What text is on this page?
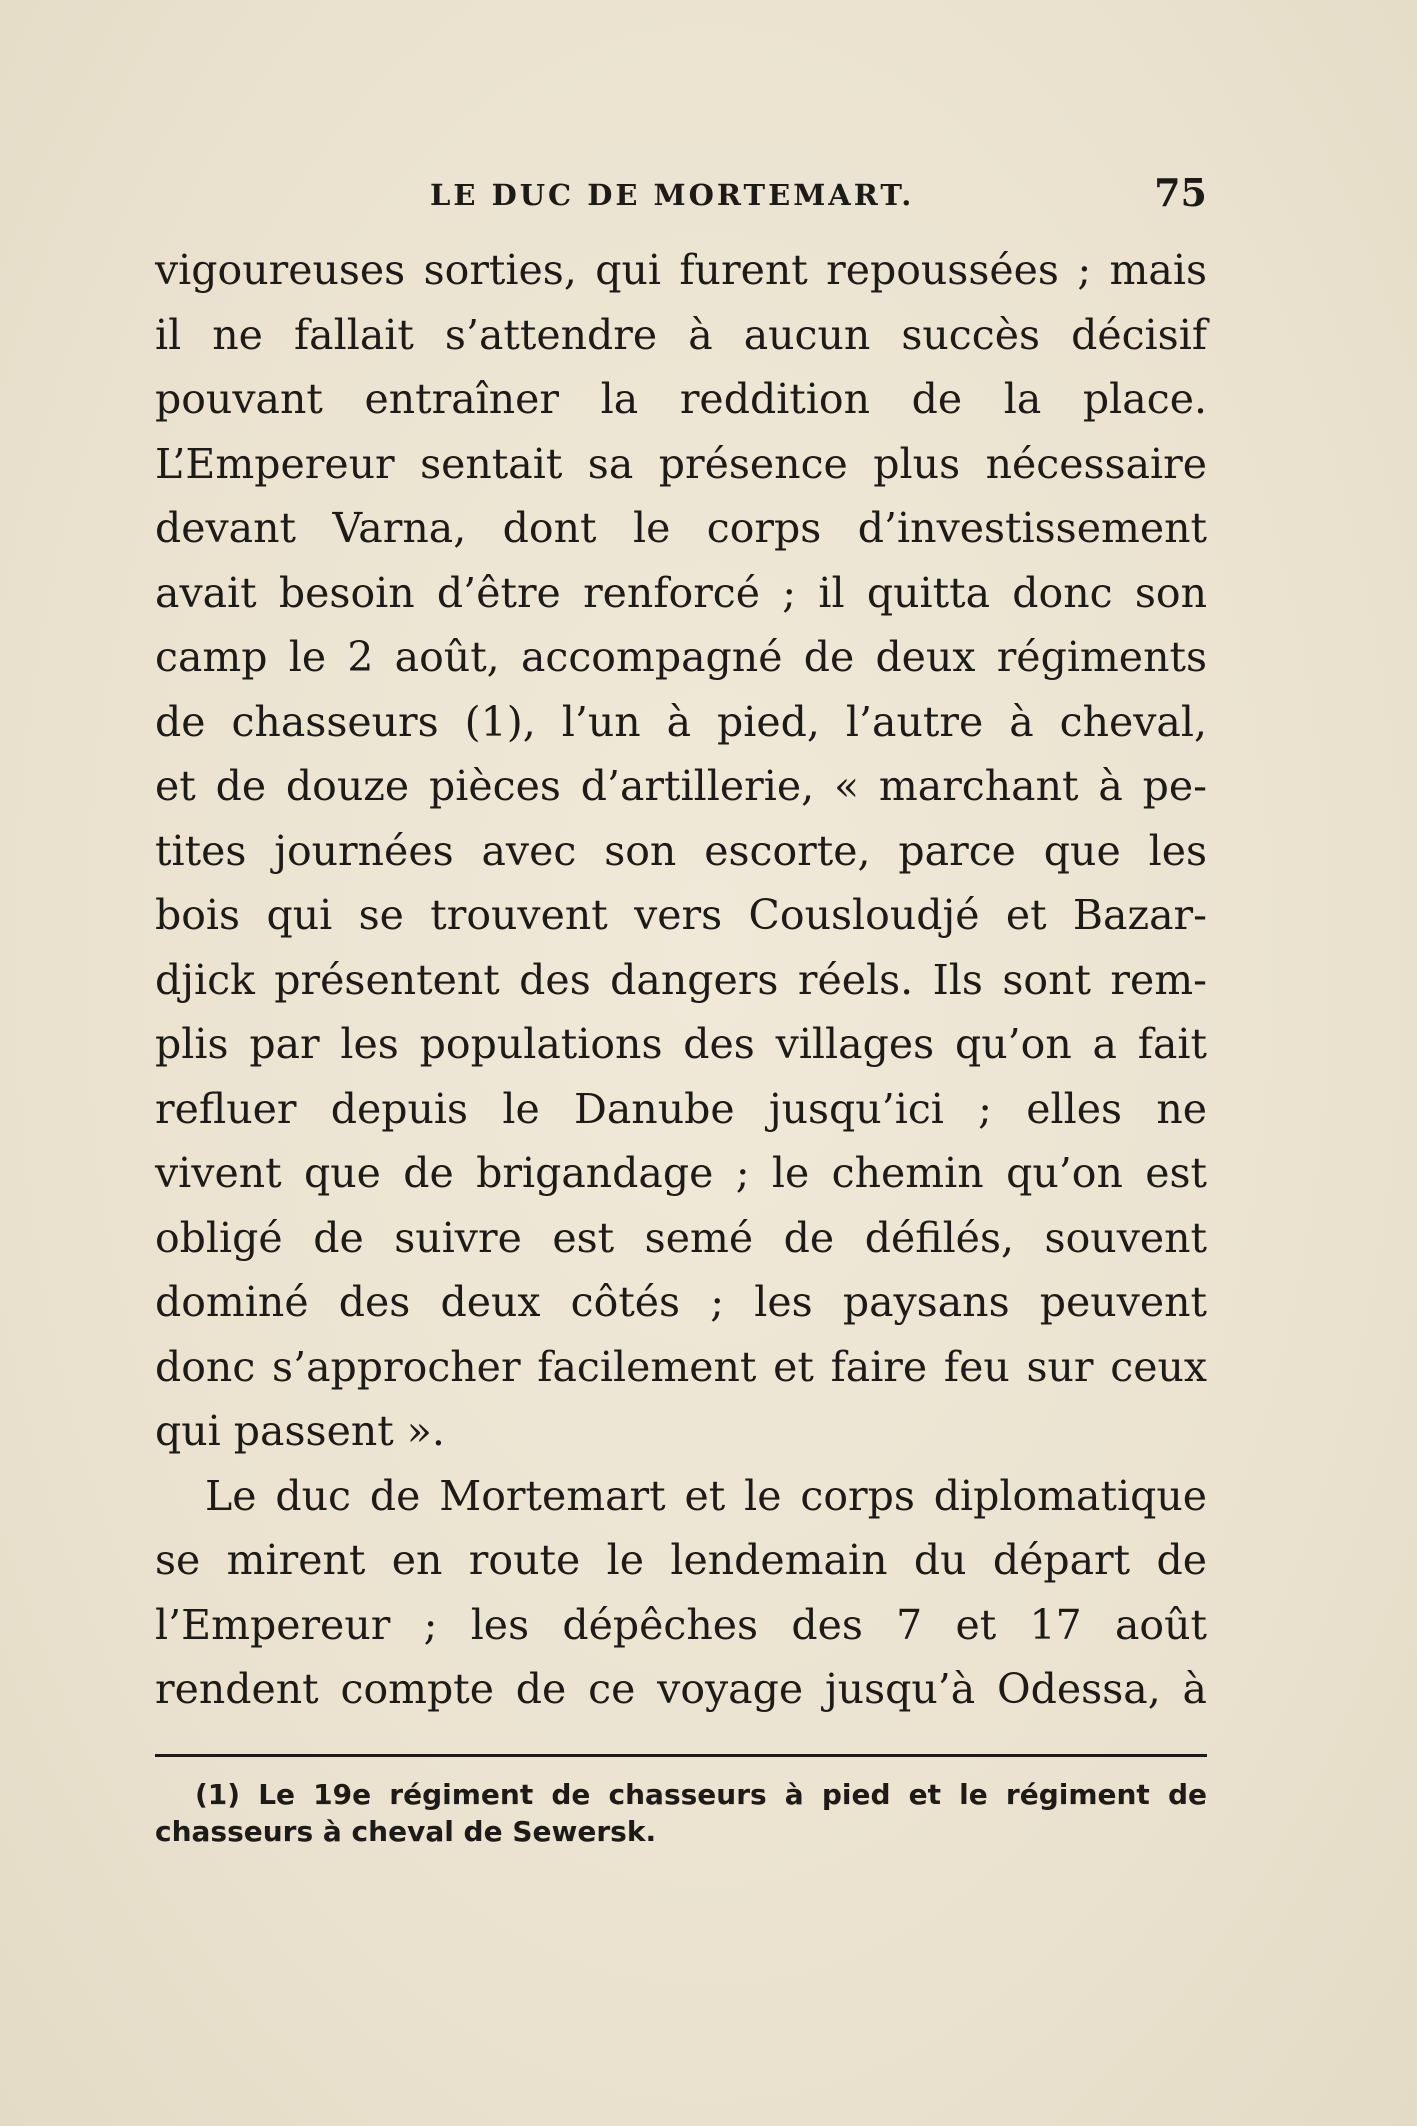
LE DUC DE MORTEMART.	75
vigoureuses sorties, qui furent repoussées ; mais
il ne fallait s’attendre à aucun succès décisif
pouvant entraîner la reddition de la place.
L’Empereur sentait sa présence plus nécessaire
devant Varna, dont le corps d’investissement
avait besoin d’être renforcé ; il quitta donc son
camp le 2 août, accompagné de deux régiments
de chasseurs (1), l’un à pied, l’autre à cheval,
et de douze pièces d’artillerie, « marchant à pe-
tites journées avec son escorte, parce que les
bois qui se trouvent vers Cousloudjé et Bazar-
djick présentent des dangers réels. Ils sont rem-
plis par les populations des villages qu’on a fait
refluer depuis le Danube jusqu’ici ; elles ne
vivent que de brigandage ; le chemin qu’on est
obligé de suivre est semé de défilés, souvent
dominé des deux côtés ; les paysans peuvent
donc s’approcher facilement et faire feu sur ceux
qui passent ».
Le duc de Mortemart et le corps diplomatique
se mirent en route le lendemain du départ de
l’Empereur ; les dépêches des 7 et 17 août
rendent compte de ce voyage jusqu’à Odessa, à
(1) Le 19e régiment de chasseurs à pied et le régiment de
chasseurs à cheval de Sewersk.
